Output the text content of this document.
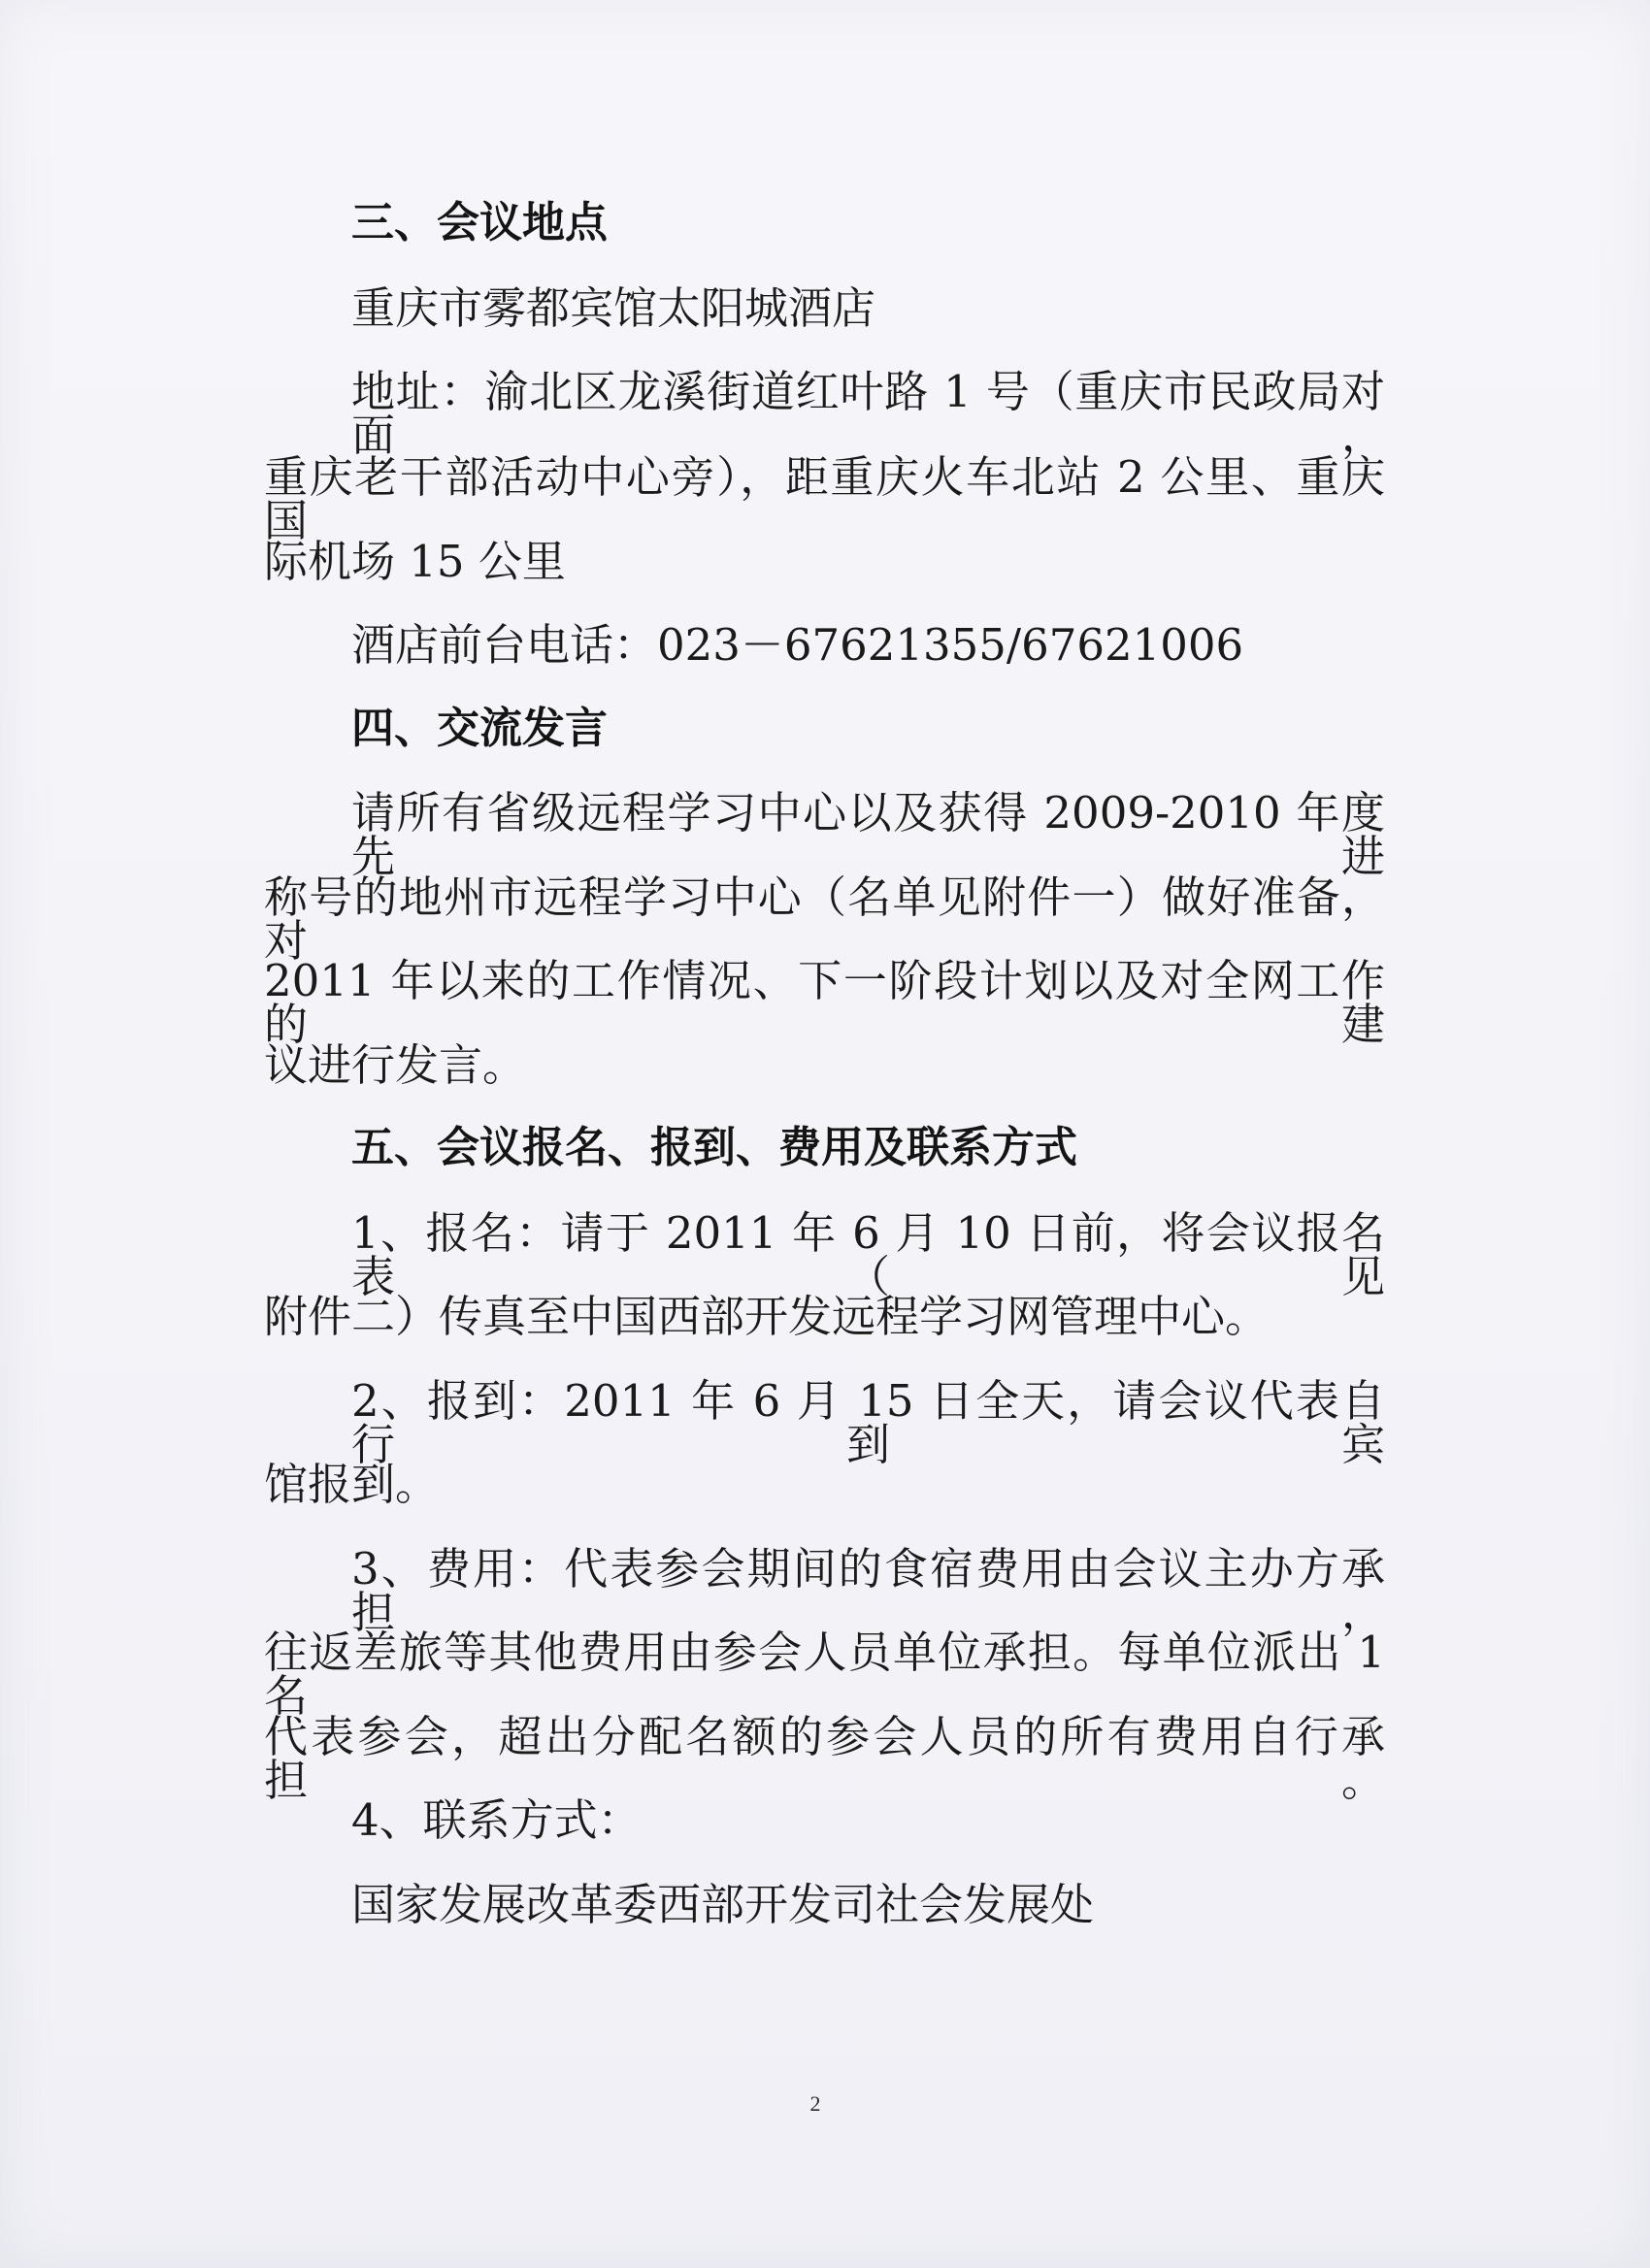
三、会议地点
重庆市雾都宾馆太阳城酒店
地址：渝北区龙溪街道红叶路 1 号（重庆市民政局对面，
重庆老干部活动中心旁），距重庆火车北站 2 公里、重庆国
际机场 15 公里
酒店前台电话：023－67621355/67621006
四、交流发言
请所有省级远程学习中心以及获得 2009-2010 年度先进
称号的地州市远程学习中心（名单见附件一）做好准备，对
2011 年以来的工作情况、下一阶段计划以及对全网工作的建
议进行发言。
五、会议报名、报到、费用及联系方式
1、报名：请于 2011 年 6 月 10 日前，将会议报名表（见
附件二）传真至中国西部开发远程学习网管理中心。
2、报到：2011 年 6 月 15 日全天，请会议代表自行到宾
馆报到。
3、费用：代表参会期间的食宿费用由会议主办方承担，
往返差旅等其他费用由参会人员单位承担。每单位派出 1 名
代表参会，超出分配名额的参会人员的所有费用自行承担。
4、联系方式：
国家发展改革委西部开发司社会发展处
2
